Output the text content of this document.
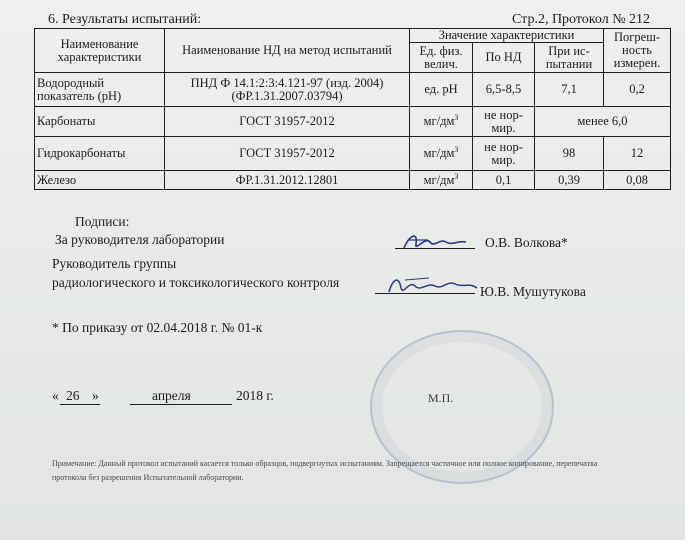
6. Результаты испытаний:	Стр.2, Протокол № 212
Наименование характеристики	Наименование НД на метод испытаний	Значение характеристики			Погреш-ность измерен.
		Ед. физ. велич.	По НД	При ис-пытании	
Водородный показатель (рН)	ПНД Ф 14.1:2:3:4.121-97 (изд. 2004) (ФР.1.31.2007.03794)	ед. рН	6,5-8,5	7,1	0,2
Карбонаты	ГОСТ 31957-2012	$мг/дм^3$	не нор-мир.	менее 6,0	
Гидрокарбонаты	ГОСТ 31957-2012	$мг/дм^3$	не нор-мир.	98	12
Железо	ФР.1.31.2012.12801	$мг/дм^3$	0,1	0,39	0,08
Подписи:
За руководителя лаборатории	О.В. Волкова*
Руководитель группы
радиологического и токсикологического контроля
Ю.В. Мушутукова
* По приказу от 02.04.2018 г. № 01-к
« 26 »	апреля	2018 г.	М.П.
Примечание: Данный протокол испытаний касается только образцов, подвергнутых испытаниям. Запрещается частичное или полное копирование, перепечатка протокола без разрешения Испытательной лаборатории.
